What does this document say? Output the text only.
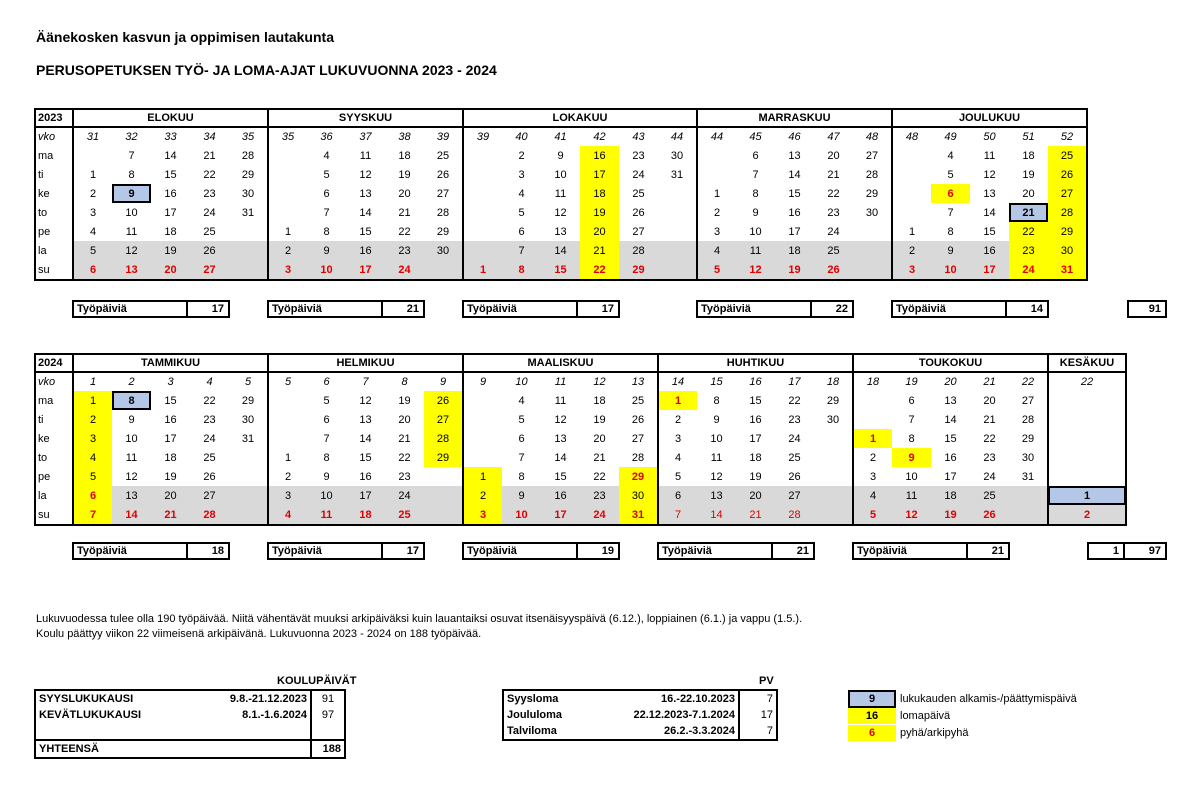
Äänekosken kasvun ja oppimisen lautakunta
PERUSOPETUKSEN TYÖ- JA LOMA-AJAT LUKUVUONNA 2023 - 2024
2023	ELOKUU					SYYSKUU					LOKAKUU						MARRASKUU					JOULUKUU				
vko	31	32	33	34	35	35	36	37	38	39	39	40	41	42	43	44	44	45	46	47	48	48	49	50	51	52
ma		7	14	21	28		4	11	18	25		2	9	16	23	30		6	13	20	27		4	11	18	25
ti	1	8	15	22	29		5	12	19	26		3	10	17	24	31		7	14	21	28		5	12	19	26
ke	2	9	16	23	30		6	13	20	27		4	11	18	25		1	8	15	22	29		6	13	20	27
to	3	10	17	24	31		7	14	21	28		5	12	19	26		2	9	16	23	30		7	14	21	28
pe	4	11	18	25		1	8	15	22	29		6	13	20	27		3	10	17	24		1	8	15	22	29
la	5	12	19	26		2	9	16	23	30		7	14	21	28		4	11	18	25		2	9	16	23	30
su	6	13	20	27		3	10	17	24		1	8	15	22	29		5	12	19	26		3	10	17	24	31
Työpäiviä	17	Työpäiviä	21	Työpäiviä	17	Työpäiviä	22	Työpäiviä	14	91
2024	TAMMIKUU					HELMIKUU					MAALISKUU					HUHTIKUU					TOUKOKUU					KESÄKUU
vko	1	2	3	4	5	5	6	7	8	9	9	10	11	12	13	14	15	16	17	18	18	19	20	21	22	22
ma	1	8	15	22	29		5	12	19	26		4	11	18	25	1	8	15	22	29		6	13	20	27	
ti	2	9	16	23	30		6	13	20	27		5	12	19	26	2	9	16	23	30		7	14	21	28	
ke	3	10	17	24	31		7	14	21	28		6	13	20	27	3	10	17	24		1	8	15	22	29	
to	4	11	18	25		1	8	15	22	29		7	14	21	28	4	11	18	25		2	9	16	23	30	
pe	5	12	19	26		2	9	16	23		1	8	15	22	29	5	12	19	26		3	10	17	24	31	
la	6	13	20	27		3	10	17	24		2	9	16	23	30	6	13	20	27		4	11	18	25		1
su	7	14	21	28		4	11	18	25		3	10	17	24	31	7	14	21	28		5	12	19	26		2
Työpäiviä	18	Työpäiviä	17	Työpäiviä	19	Työpäiviä	21	Työpäiviä	21	1	97
Lukuvuodessa tulee olla 190 työpäivää. Niitä vähentävät muuksi arkipäiväksi kuin lauantaiksi osuvat itsenäisyyspäivä (6.12.), loppiainen (6.1.) ja vappu (1.5.).
Koulu päättyy viikon 22 viimeisenä arkipäivänä. Lukuvuonna 2023 - 2024 on 188 työpäivää.
KOULUPÄIVÄT	PV
SYYSLUKUKAUSI	9.8.-21.12.2023	91
KEVÄTLUKUKAUSI	8.1.-1.6.2024	97

YHTEENSÄ		188
Syysloma	16.-22.10.2023	7
Joululoma	22.12.2023-7.1.2024	17
Talviloma	26.2.-3.3.2024	7
9	lukukauden alkamis-/päättymispäivä
16	lomapäivä
6	pyhä/arkipyhä
